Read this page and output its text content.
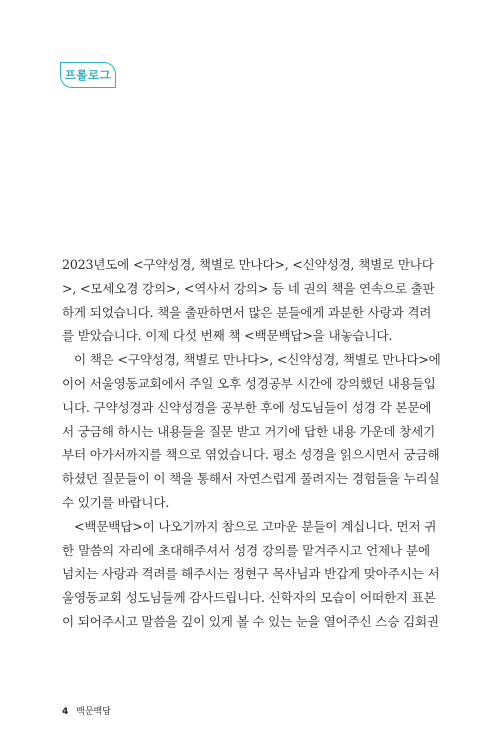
프롤로그

2023년도에 <구약성경, 책별로 만나다>, <신약성경, 책별로 만나다
>, <모세오경 강의>, <역사서 강의> 등 네 권의 책을 연속으로 출판
하게 되었습니다. 책을 출판하면서 많은 분들에게 과분한 사랑과 격려
를 받았습니다. 이제 다섯 번째 책 <백문백답>을 내놓습니다.

이 책은 <구약성경, 책별로 만나다>, <신약성경, 책별로 만나다>에
이어 서울영동교회에서 주일 오후 성경공부 시간에 강의했던 내용들입
니다. 구약성경과 신약성경을 공부한 후에 성도님들이 성경 각 본문에
서 궁금해 하시는 내용들을 질문 받고 거기에 답한 내용 가운데 창세기
부터 아가서까지를 책으로 엮었습니다. 평소 성경을 읽으시면서 궁금해
하셨던 질문들이 이 책을 통해서 자연스럽게 풀려지는 경험들을 누리실
수 있기를 바랍니다.

<백문백답>이 나오기까지 참으로 고마운 분들이 계십니다. 먼저 귀
한 말씀의 자리에 초대해주셔서 성경 강의를 맡겨주시고 언제나 분에
넘치는 사랑과 격려를 해주시는 정현구 목사님과 반갑게 맞아주시는 서
울영동교회 성도님들께 감사드립니다. 신학자의 모습이 어떠한지 표본
이 되어주시고 말씀을 깊이 있게 볼 수 있는 눈을 열어주신 스승 김회권

4 백문백답
